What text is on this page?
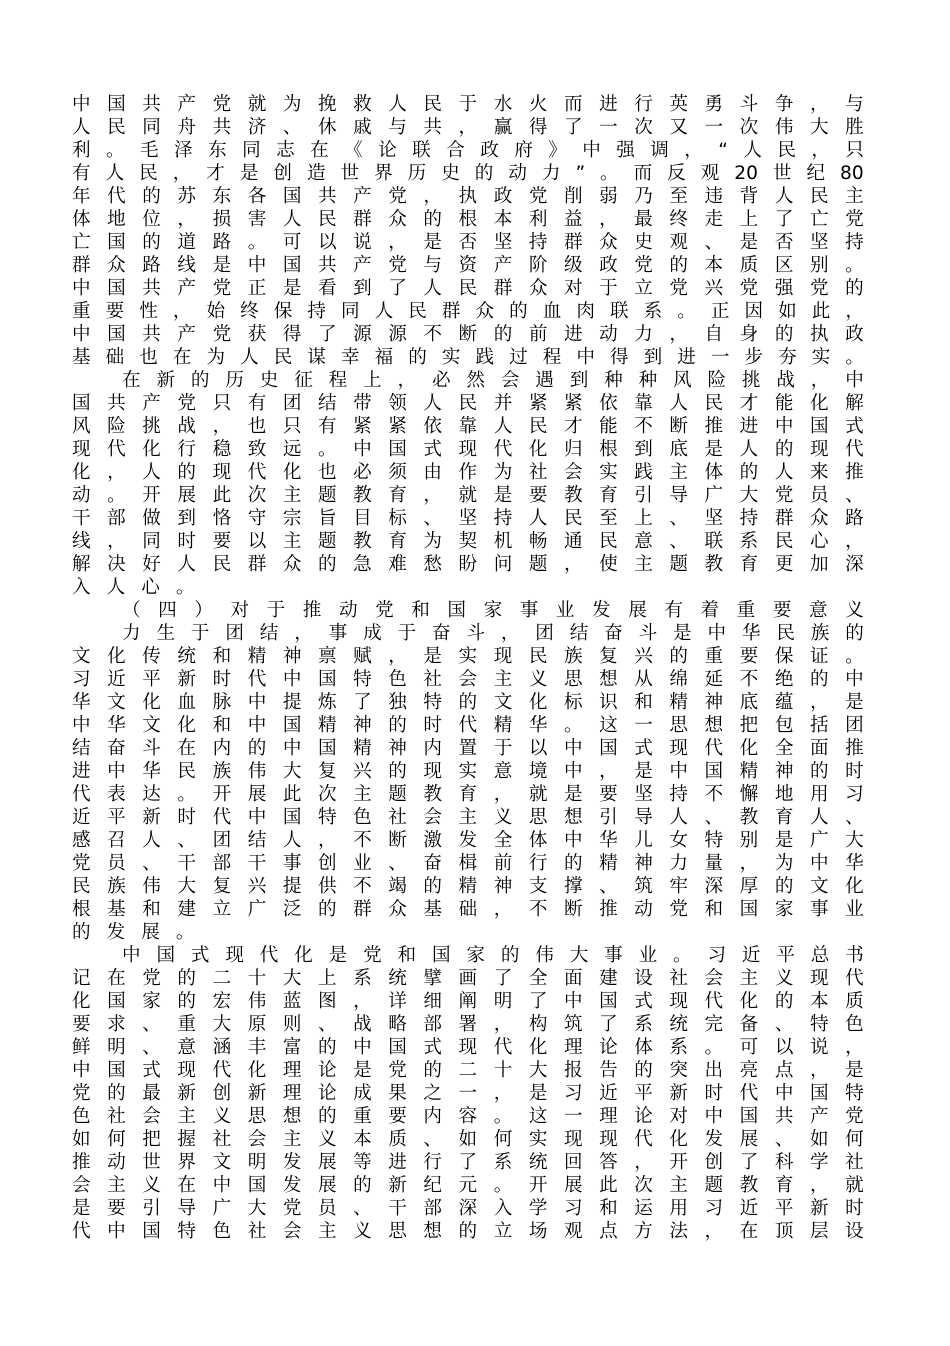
中 国 共 产 党 就 为 挽 救 人 民 于 水 火 而 进 行 英 勇 斗 争 ， 与
人 民 同 舟 共 济 、 休 戚 与 共 ， 赢 得 了 一 次 又 一 次 伟 大 胜
利 。 毛 泽 东 同 志 在 《 论 联 合 政 府 》 中 强 调 ， “ 人 民 ， 只
有 人 民 ， 才 是 创 造 世 界 历 史 的 动 力 ” 。 而 反 观 20 世 纪 80
年 代 的 苏 东 各 国 共 产 党 ， 执 政 党 削 弱 乃 至 违 背 人 民 主
体 地 位 ， 损 害 人 民 群 众 的 根 本 利 益 ， 最 终 走 上 了 亡 党
亡 国 的 道 路 。 可 以 说 ， 是 否 坚 持 群 众 史 观 、 是 否 坚 持
群 众 路 线 是 中 国 共 产 党 与 资 产 阶 级 政 党 的 本 质 区 别 。
中 国 共 产 党 正 是 看 到 了 人 民 群 众 对 于 立 党 兴 党 强 党 的
重 要 性 ， 始 终 保 持 同 人 民 群 众 的 血 肉 联 系 。 正 因 如 此 ，
中 国 共 产 党 获 得 了 源 源 不 断 的 前 进 动 力 ， 自 身 的 执 政
基 础 也 在 为 人 民 谋 幸 福 的 实 践 过 程 中 得 到 进 一 步 夯 实 。
在 新 的 历 史 征 程 上 ， 必 然 会 遇 到 种 种 风 险 挑 战 ， 中
国 共 产 党 只 有 团 结 带 领 人 民 并 紧 紧 依 靠 人 民 才 能 化 解
风 险 挑 战 ， 也 只 有 紧 紧 依 靠 人 民 才 能 不 断 推 进 中 国 式
现 代 化 行 稳 致 远 。 中 国 式 现 代 化 归 根 到 底 是 人 的 现 代
化 ， 人 的 现 代 化 也 必 须 由 作 为 社 会 实 践 主 体 的 人 来 推
动 。 开 展 此 次 主 题 教 育 ， 就 是 要 教 育 引 导 广 大 党 员 、
干 部 做 到 恪 守 宗 旨 目 标 、 坚 持 人 民 至 上 、 坚 持 群 众 路
线 ， 同 时 要 以 主 题 教 育 为 契 机 畅 通 民 意 、 联 系 民 心 ，
解 决 好 人 民 群 众 的 急 难 愁 盼 问 题 ， 使 主 题 教 育 更 加 深
入 人 心 。
（ 四 ） 对 于 推 动 党 和 国 家 事 业 发 展 有 着 重 要 意 义
力 生 于 团 结 ， 事 成 于 奋 斗 ， 团 结 奋 斗 是 中 华 民 族 的
文 化 传 统 和 精 神 禀 赋 ， 是 实 现 民 族 复 兴 的 重 要 保 证 。
习 近 平 新 时 代 中 国 特 色 社 会 主 义 思 想 从 绵 延 不 绝 的 中
华 文 化 血 脉 中 提 炼 了 独 特 的 文 化 标 识 和 精 神 底 蕴 ， 是
中 华 文 化 和 中 国 精 神 的 时 代 精 华 。 这 一 思 想 把 包 括 团
结 奋 斗 在 内 的 中 国 精 神 内 置 于 以 中 国 式 现 代 化 全 面 推
进 中 华 民 族 伟 大 复 兴 的 现 实 意 境 中 ， 是 中 国 精 神 的 时
代 表 达 。 开 展 此 次 主 题 教 育 ， 就 是 要 坚 持 不 懈 地 用 习
近 平 新 时 代 中 国 特 色 社 会 主 义 思 想 引 导 人 、 教 育 人 、
感 召 人 、 团 结 人 ， 不 断 激 发 全 体 中 华 儿 女 特 别 是 广 大
党 员 、 干 部 干 事 创 业 、 奋 楫 前 行 的 精 神 力 量 ， 为 中 华
民 族 伟 大 复 兴 提 供 不 竭 的 精 神 支 撑 、 筑 牢 深 厚 的 文 化
根 基 和 建 立 广 泛 的 群 众 基 础 ， 不 断 推 动 党 和 国 家 事 业
的 发 展 。
中 国 式 现 代 化 是 党 和 国 家 的 伟 大 事 业 。 习 近 平 总 书
记 在 党 的 二 十 大 上 系 统 擘 画 了 全 面 建 设 社 会 主 义 现 代
化 国 家 的 宏 伟 蓝 图 ， 详 细 阐 明 了 中 国 式 现 代 化 的 本 质
要 求 、 重 大 原 则 、 战 略 部 署 ， 构 筑 了 系 统 完 备 、 特 色
鲜 明 、 意 涵 丰 富 的 中 国 式 现 代 化 理 论 体 系 。 可 以 说 ，
中 国 式 现 代 化 理 论 是 党 的 二 十 大 报 告 的 突 出 亮 点 ， 是
党 的 最 新 创 新 理 论 成 果 之 一 ， 是 习 近 平 新 时 代 中 国 特
色 社 会 主 义 思 想 的 重 要 内 容 。 这 一 理 论 对 中 国 共 产 党
如 何 把 握 社 会 主 义 本 质 、 如 何 实 现 现 代 化 发 展 、 如 何
推 动 世 界 文 明 发 展 等 进 行 了 系 统 回 答 ， 开 创 了 科 学 社
会 主 义 在 中 国 发 展 的 新 纪 元 。 开 展 此 次 主 题 教 育 ， 就
是 要 引 导 广 大 党 员 、 干 部 深 入 学 习 和 运 用 习 近 平 新 时
代 中 国 特 色 社 会 主 义 思 想 的 立 场 观 点 方 法 ， 在 顶 层 设
